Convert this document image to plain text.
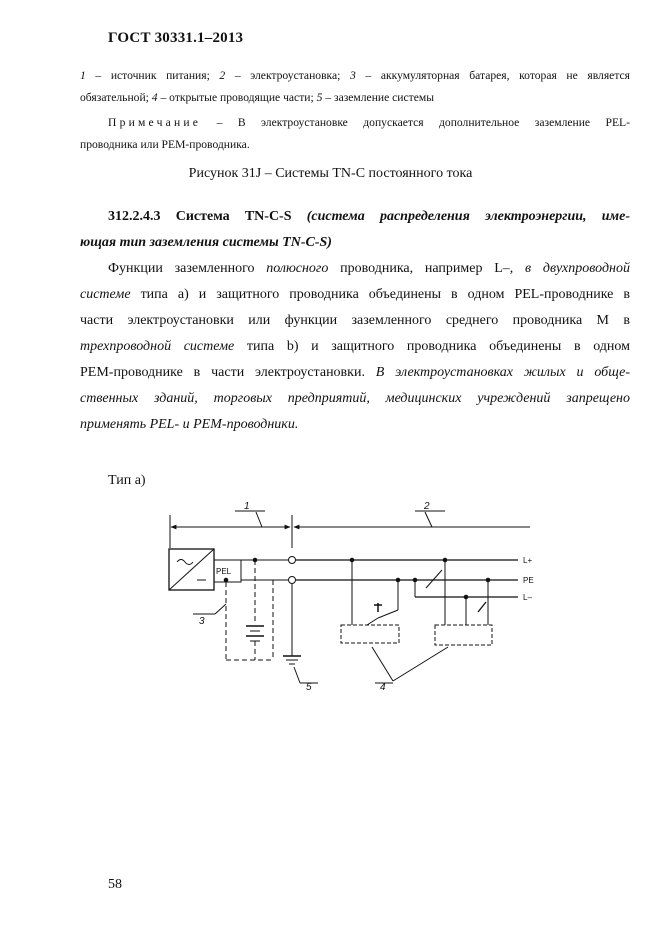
ГОСТ 30331.1–2013
1 – источник питания; 2 – электроустановка; 3 – аккумуляторная батарея, которая не является
обязательной; 4 – открытые проводящие части; 5 – заземление системы
Примечание – В электроустановке допускается дополнительное заземление PEL-
проводника или PEM-проводника.
Рисунок 31J – Системы TN-C постоянного тока
312.2.4.3 Система TN-C-S (система распределения электроэнергии, име-
ющая тип заземления системы TN-C-S)
Функции заземленного полюсного проводника, например L–, в двухпроводной
системе типа а) и защитного проводника объединены в одном PEL-проводнике в
части электроустановки или функции заземленного среднего проводника M в
трехпроводной системе типа b) и защитного проводника объединены в одном
PEM-проводнике в части электроустановки. В электроустановках жилых и обще-
ственных зданий, торговых предприятий, медицинских учреждений запрещено
применять PEL- и PEM-проводники.
Тип а)
1	2
3
4
5
PEL
L+
PE
L–
58
